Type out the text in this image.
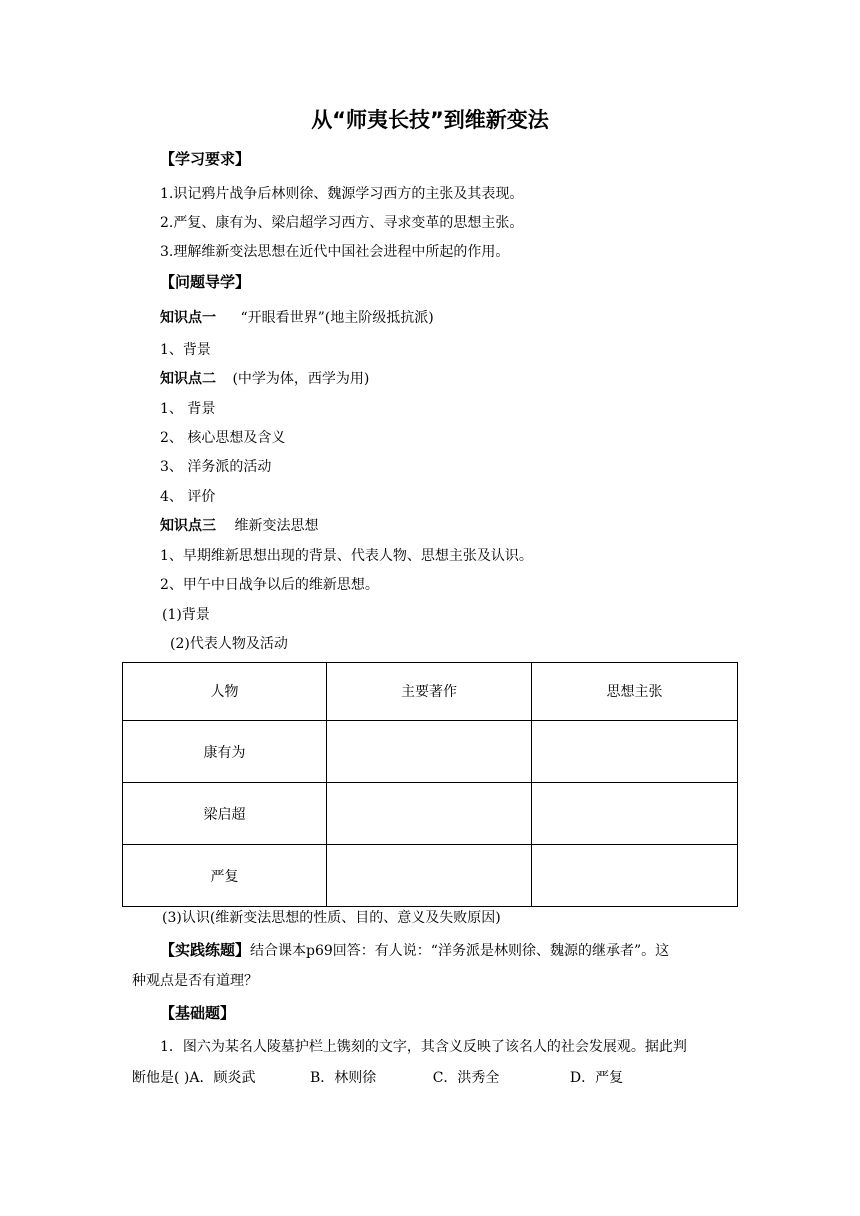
从“师夷长技”到维新变法
【学习要求】
1.识记鸦片战争后林则徐、魏源学习西方的主张及其表现。
2.严复、康有为、梁启超学习西方、寻求变革的思想主张。
3.理解维新变法思想在近代中国社会进程中所起的作用。
【问题导学】
知识点一 “开眼看世界”(地主阶级抵抗派)
1、背景
知识点二 (中学为体，西学为用)
1、 背景
2、 核心思想及含义
3、 洋务派的活动
4、 评价
知识点三 维新变法思想
1、早期维新思想出现的背景、代表人物、思想主张及认识。
2、甲午中日战争以后的维新思想。
(1)背景
(2)代表人物及活动
人物	主要著作	思想主张
康有为		
梁启超		
严复		
(3)认识(维新变法思想的性质、目的、意义及失败原因)
【实践练题】结合课本p69回答：有人说：“洋务派是林则徐、魏源的继承者”。这
种观点是否有道理？
【基础题】
1．图六为某名人陵墓护栏上镌刻的文字，其含义反映了该名人的社会发展观。据此判
断他是( )A．顾炎武	B．林则徐	C．洪秀全	D．严复
